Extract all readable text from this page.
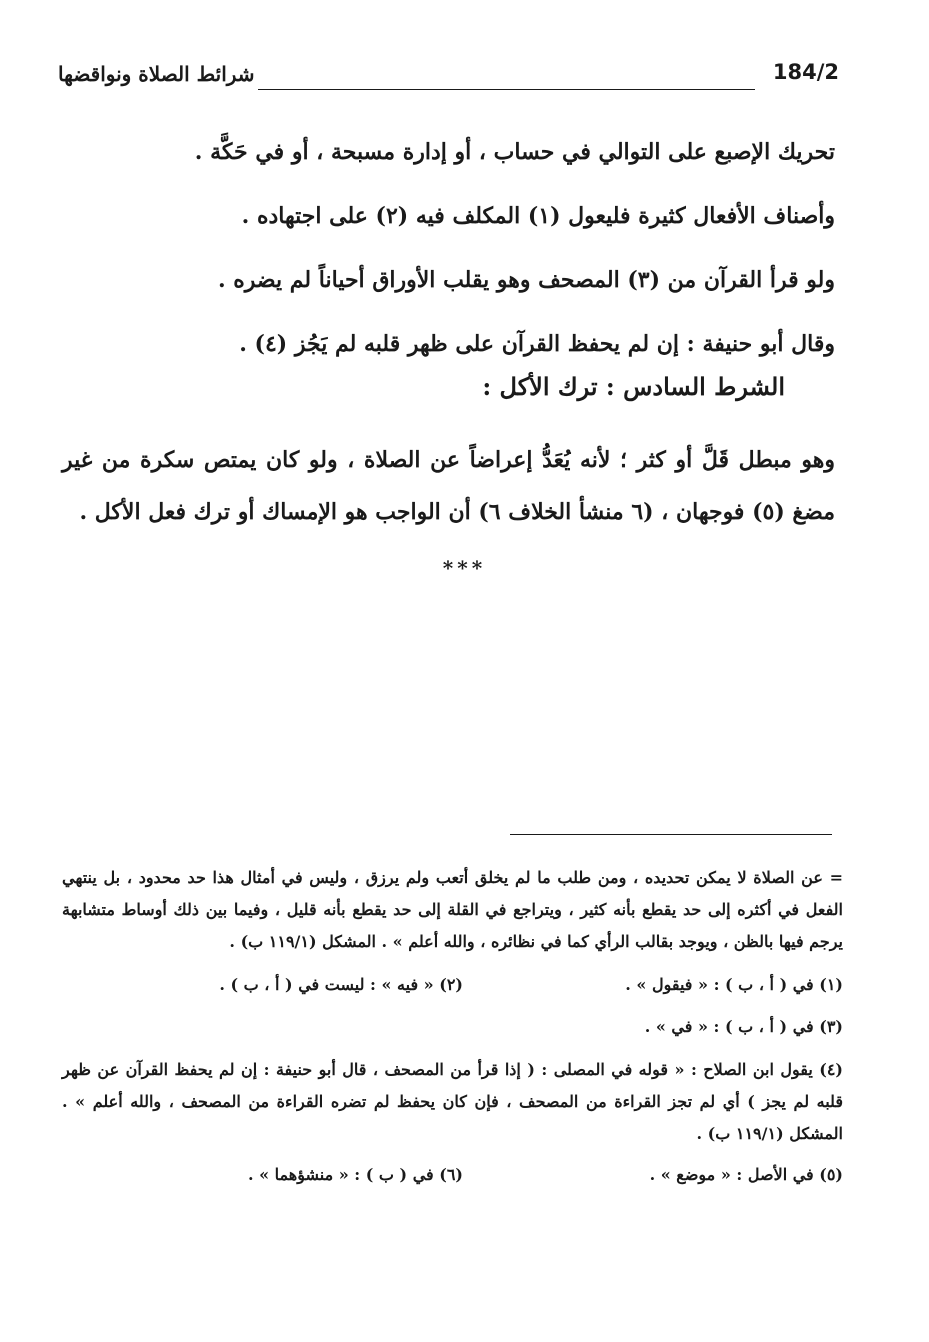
184/2
شرائط الصلاة ونواقضها

تحريك الإصبع على التوالي في حساب ، أو إدارة مسبحة ، أو في حَكَّة .

وأصناف الأفعال كثيرة فليعول (١) المكلف فيه (٢) على اجتهاده .

ولو قرأ القرآن من (٣) المصحف وهو يقلب الأوراق أحياناً لم يضره .

وقال أبو حنيفة : إن لم يحفظ القرآن على ظهر قلبه لم يَجُز (٤) .

الشرط السادس : ترك الأكل :

وهو مبطل قَلَّ أو كثر ؛ لأنه يُعَدُّ إعراضاً عن الصلاة ، ولو كان يمتص سكرة من غير مضغ (٥) فوجهان ، (٦ منشأ الخلاف ٦) أن الواجب هو الإمساك أو ترك فعل الأكل .

***

= عن الصلاة لا يمكن تحديده ، ومن طلب ما لم يخلق أتعب ولم يرزق ، وليس في أمثال هذا حد محدود ، بل ينتهي الفعل في أكثره إلى حد يقطع بأنه كثير ، ويتراجع في القلة إلى حد يقطع بأنه قليل ، وفيما بين ذلك أوساط متشابهة يرجم فيها بالظن ، ويوجد بقالب الرأي كما في نظائره ، والله أعلم » . المشكل (١١٩/١ ب) .

(١) في ( أ ، ب ) : « فيقول » .
(٢) « فيه » : ليست في ( أ ، ب ) .

(٣) في ( أ ، ب ) : « في » .

(٤) يقول ابن الصلاح : « قوله في المصلى : ( إذا قرأ من المصحف ، قال أبو حنيفة : إن لم يحفظ القرآن عن ظهر قلبه لم يجز ) أي لم تجز القراءة من المصحف ، فإن كان يحفظ لم تضره القراءة من المصحف ، والله أعلم » . المشكل (١١٩/١ ب) .

(٥) في الأصل : « موضع » .
(٦) في ( ب ) : « منشؤهما » .
